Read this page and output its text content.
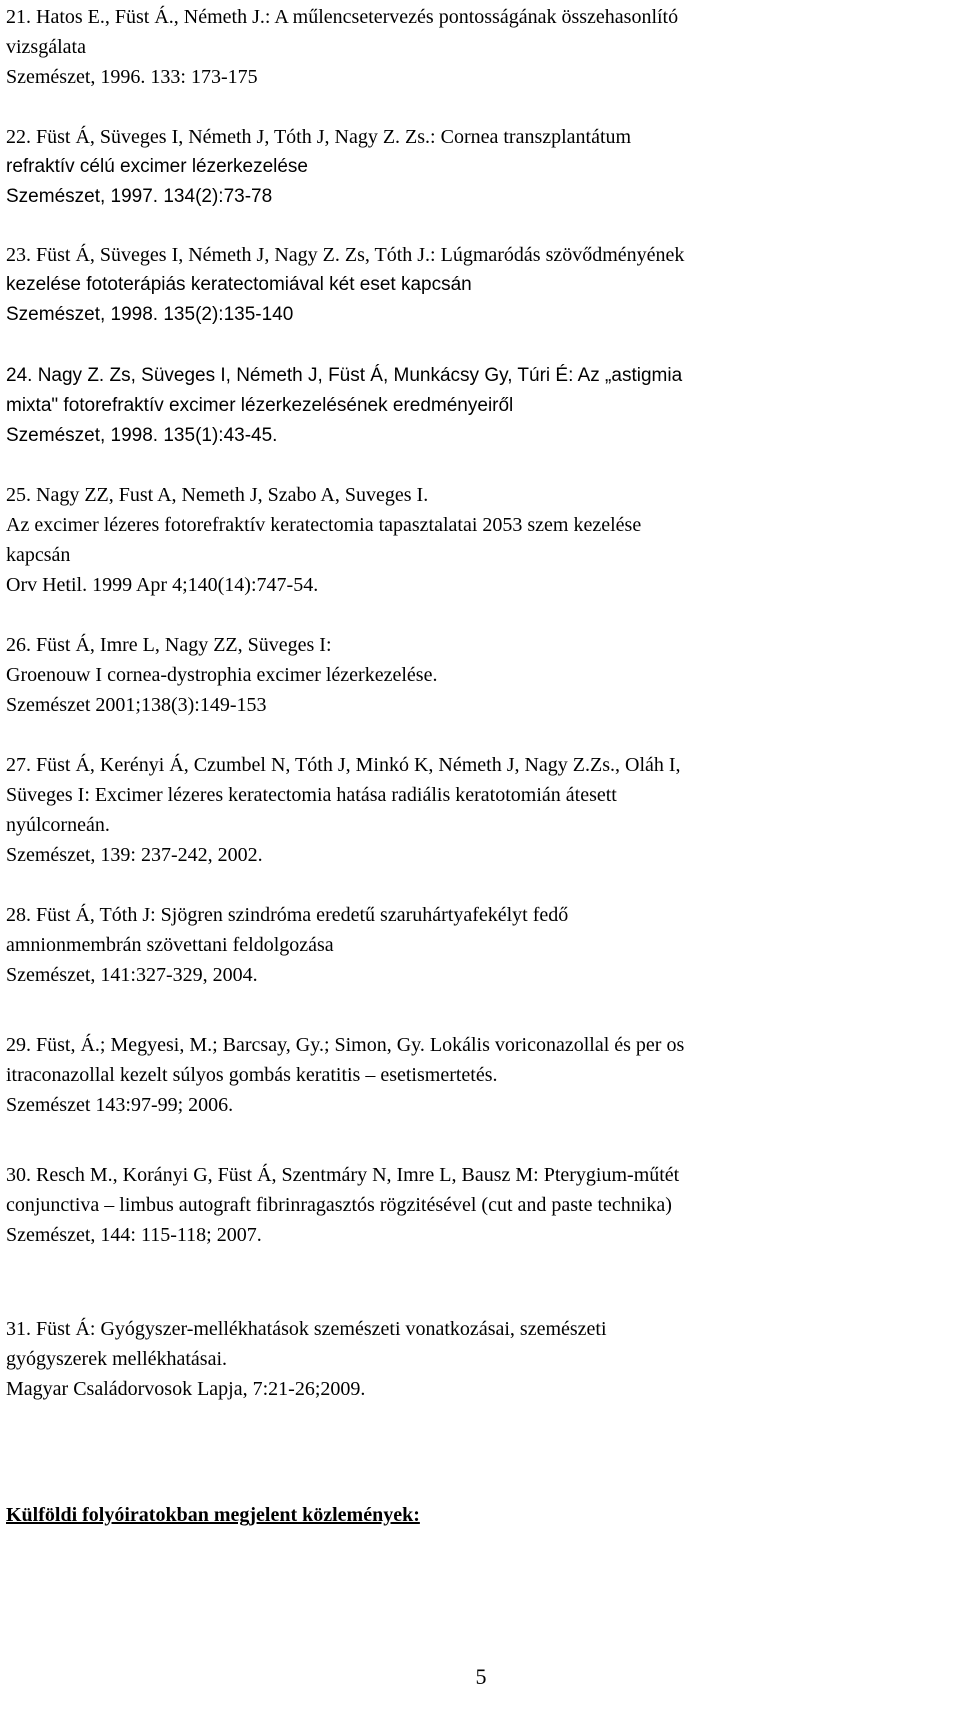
21. Hatos E., Füst Á., Németh J.: A műlencsetervezés pontosságának összehasonlító
vizsgálata
Szemészet, 1996. 133: 173-175
22. Füst Á, Süveges I, Németh J, Tóth J, Nagy Z. Zs.: Cornea transzplantátum
refraktív célú excimer lézerkezelése
Szemészet, 1997. 134(2):73-78
23. Füst Á, Süveges I, Németh J, Nagy Z. Zs, Tóth J.: Lúgmaródás szövődményének
kezelése fototerápiás keratectomiával két eset kapcsán
Szemészet, 1998. 135(2):135-140
24. Nagy Z. Zs, Süveges I, Németh J, Füst Á, Munkácsy Gy, Túri É: Az „astigmia
mixta" fotorefraktív excimer lézerkezelésének eredményeiről
Szemészet, 1998. 135(1):43-45.
25. Nagy ZZ, Fust A, Nemeth J, Szabo A, Suveges I.
Az excimer lézeres fotorefraktív keratectomia tapasztalatai 2053 szem kezelése
kapcsán
Orv Hetil. 1999 Apr 4;140(14):747-54.
26. Füst Á, Imre L, Nagy ZZ, Süveges I:
Groenouw I cornea-dystrophia excimer lézerkezelése.
Szemészet 2001;138(3):149-153
27. Füst Á, Kerényi Á, Czumbel N, Tóth J, Minkó K, Németh J, Nagy Z.Zs., Oláh I,
Süveges I: Excimer lézeres keratectomia hatása radiális keratotomián átesett
nyúlcorneán.
Szemészet, 139: 237-242, 2002.
28. Füst Á, Tóth J: Sjögren szindróma eredetű szaruhártyafekélyt fedő
amnionmembrán szövettani feldolgozása
Szemészet, 141:327-329, 2004.
29. Füst, Á.; Megyesi, M.; Barcsay, Gy.; Simon, Gy. Lokális voriconazollal és per os
itraconazollal kezelt súlyos gombás keratitis – esetismertetés.
Szemészet 143:97-99; 2006.
30. Resch M., Korányi G, Füst Á, Szentmáry N, Imre L, Bausz M: Pterygium-műtét
conjunctiva – limbus autograft fibrinragasztós rögzitésével (cut and paste technika)
Szemészet, 144: 115-118; 2007.
31. Füst Á: Gyógyszer-mellékhatások szemészeti vonatkozásai, szemészeti
gyógyszerek mellékhatásai.
Magyar Családorvosok Lapja, 7:21-26;2009.
Külföldi folyóiratokban megjelent közlemények:
5
